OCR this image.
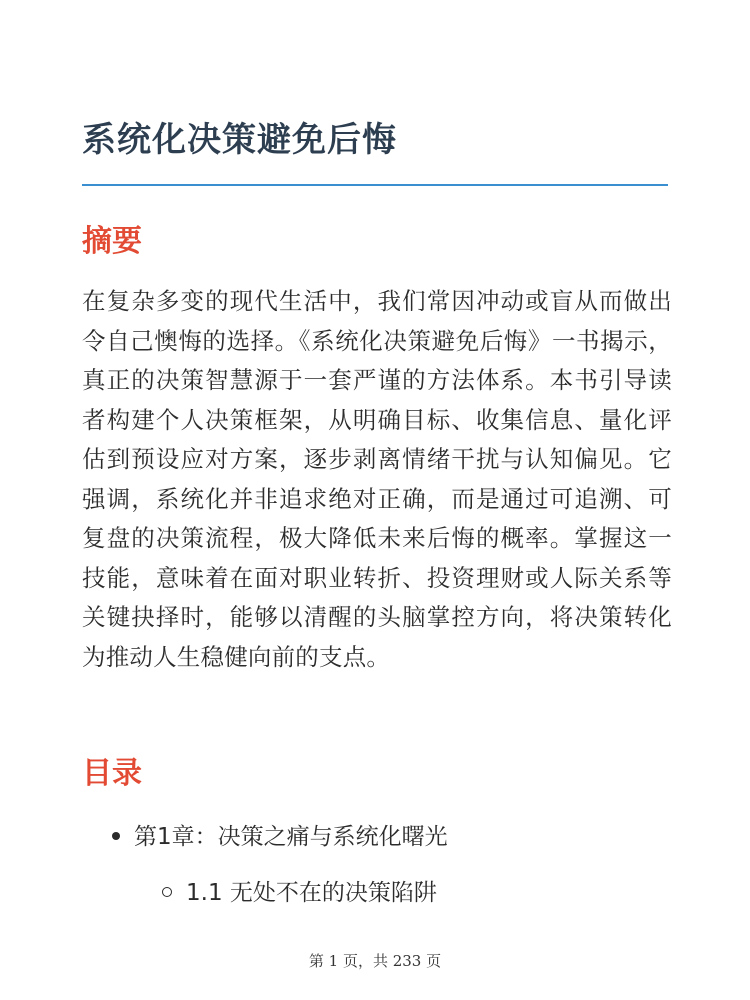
系统化决策避免后悔
摘要

在复杂多变的现代生活中，我们常因冲动或盲从而做出令自己懊悔的选择。《系统化决策避免后悔》一书揭示，真正的决策智慧源于一套严谨的方法体系。本书引导读者构建个人决策框架，从明确目标、收集信息、量化评估到预设应对方案，逐步剥离情绪干扰与认知偏见。它强调，系统化并非追求绝对正确，而是通过可追溯、可复盘的决策流程，极大降低未来后悔的概率。掌握这一技能，意味着在面对职业转折、投资理财或人际关系等关键抉择时，能够以清醒的头脑掌控方向，将决策转化为推动人生稳健向前的支点。

目录
第1章：决策之痛与系统化曙光
1.1 无处不在的决策陷阱
第 1 页，共 233 页
